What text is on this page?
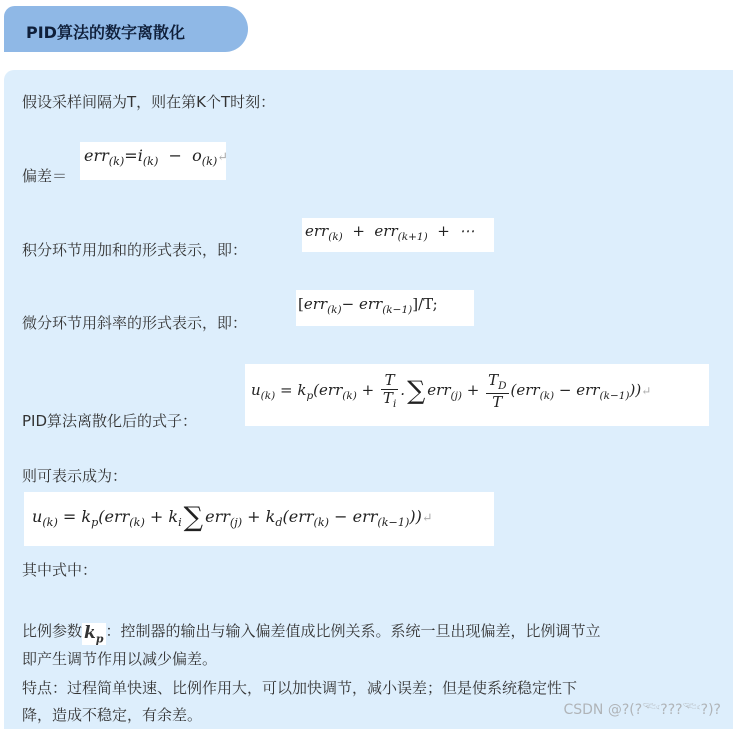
PID算法的数字离散化
假设采样间隔为T，则在第K个T时刻：
偏差＝
$err_{(k)}=i_{(k)}$  −  $o_{(k)}↵$
积分环节用加和的形式表示，即：
err$_{(k)}$  +  err$_{(k+1)}$  +  ⋯
微分环节用斜率的形式表示，即：
[err$_{(k)}$− err$_{(k-1)}$]/T;
PID算法离散化后的式子：
$u_{(k)} = k_p(err_{(k)} + \frac{T}{T_i}$ .∑ $err_{(j)} + \frac{T_D}{T} (err_{(k)}$ − err$_{(k-1)}$))↵
则可表示成为：
$u_{(k)} = k_p(err_{(k)} + k_i\sum$ $err_{(j)} + k_d(err_{(k)}$ − err$_{(k-1)}$))↵
其中式中：
比例参数 $k_p$ ：控制器的输出与输入偏差值成比例关系。系统一旦出现偏差，比例调节立
即产生调节作用以减少偏差。
特点：过程简单快速、比例作用大，可以加快调节，减小误差；但是使系统稳定性下
降，造成不稳定，有余差。	CSDN @?(?𓆝???𓆝?)?
